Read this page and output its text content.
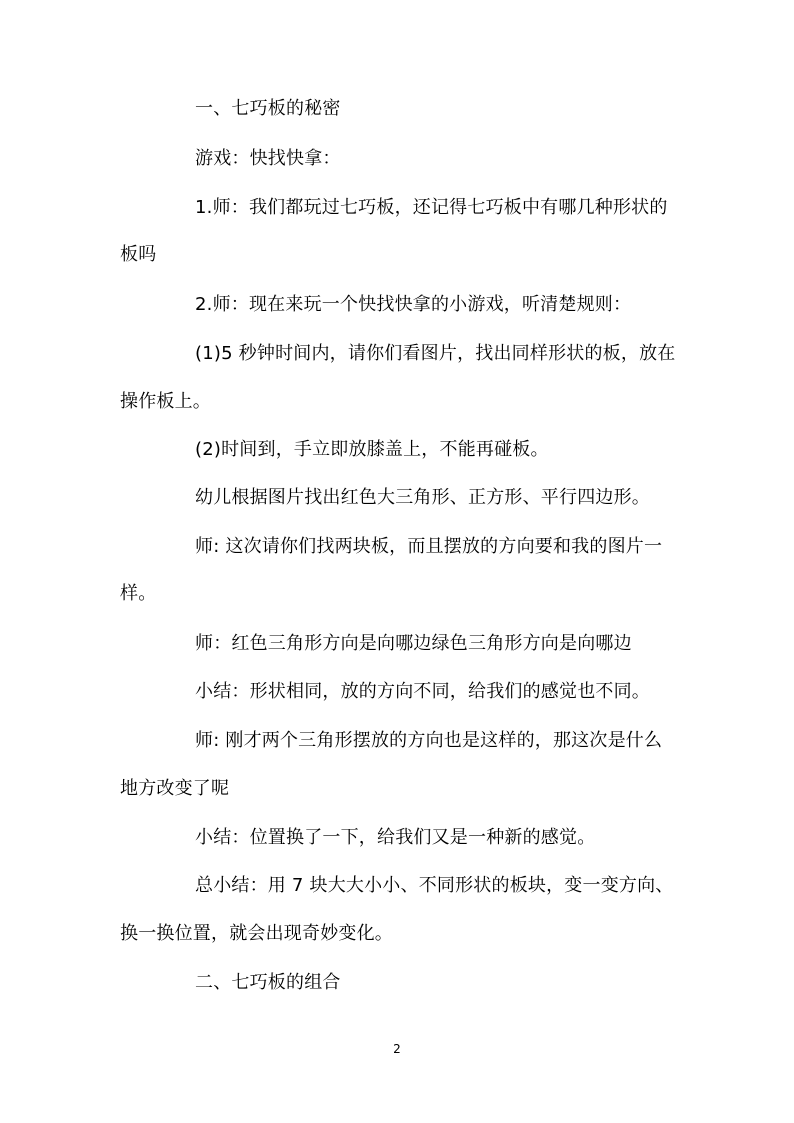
一、七巧板的秘密
游戏：快找快拿：
1.师：我们都玩过七巧板，还记得七巧板中有哪几种形状的
板吗
2.师：现在来玩一个快找快拿的小游戏，听清楚规则：
(1)5 秒钟时间内，请你们看图片，找出同样形状的板，放在
操作板上。
(2)时间到，手立即放膝盖上，不能再碰板。
幼儿根据图片找出红色大三角形、正方形、平行四边形。
师: 这次请你们找两块板，而且摆放的方向要和我的图片一
样。
师：红色三角形方向是向哪边绿色三角形方向是向哪边
小结：形状相同，放的方向不同，给我们的感觉也不同。
师: 刚才两个三角形摆放的方向也是这样的，那这次是什么
地方改变了呢
小结：位置换了一下，给我们又是一种新的感觉。
总小结：用 7 块大大小小、不同形状的板块，变一变方向、
换一换位置，就会出现奇妙变化。
二、七巧板的组合
2
